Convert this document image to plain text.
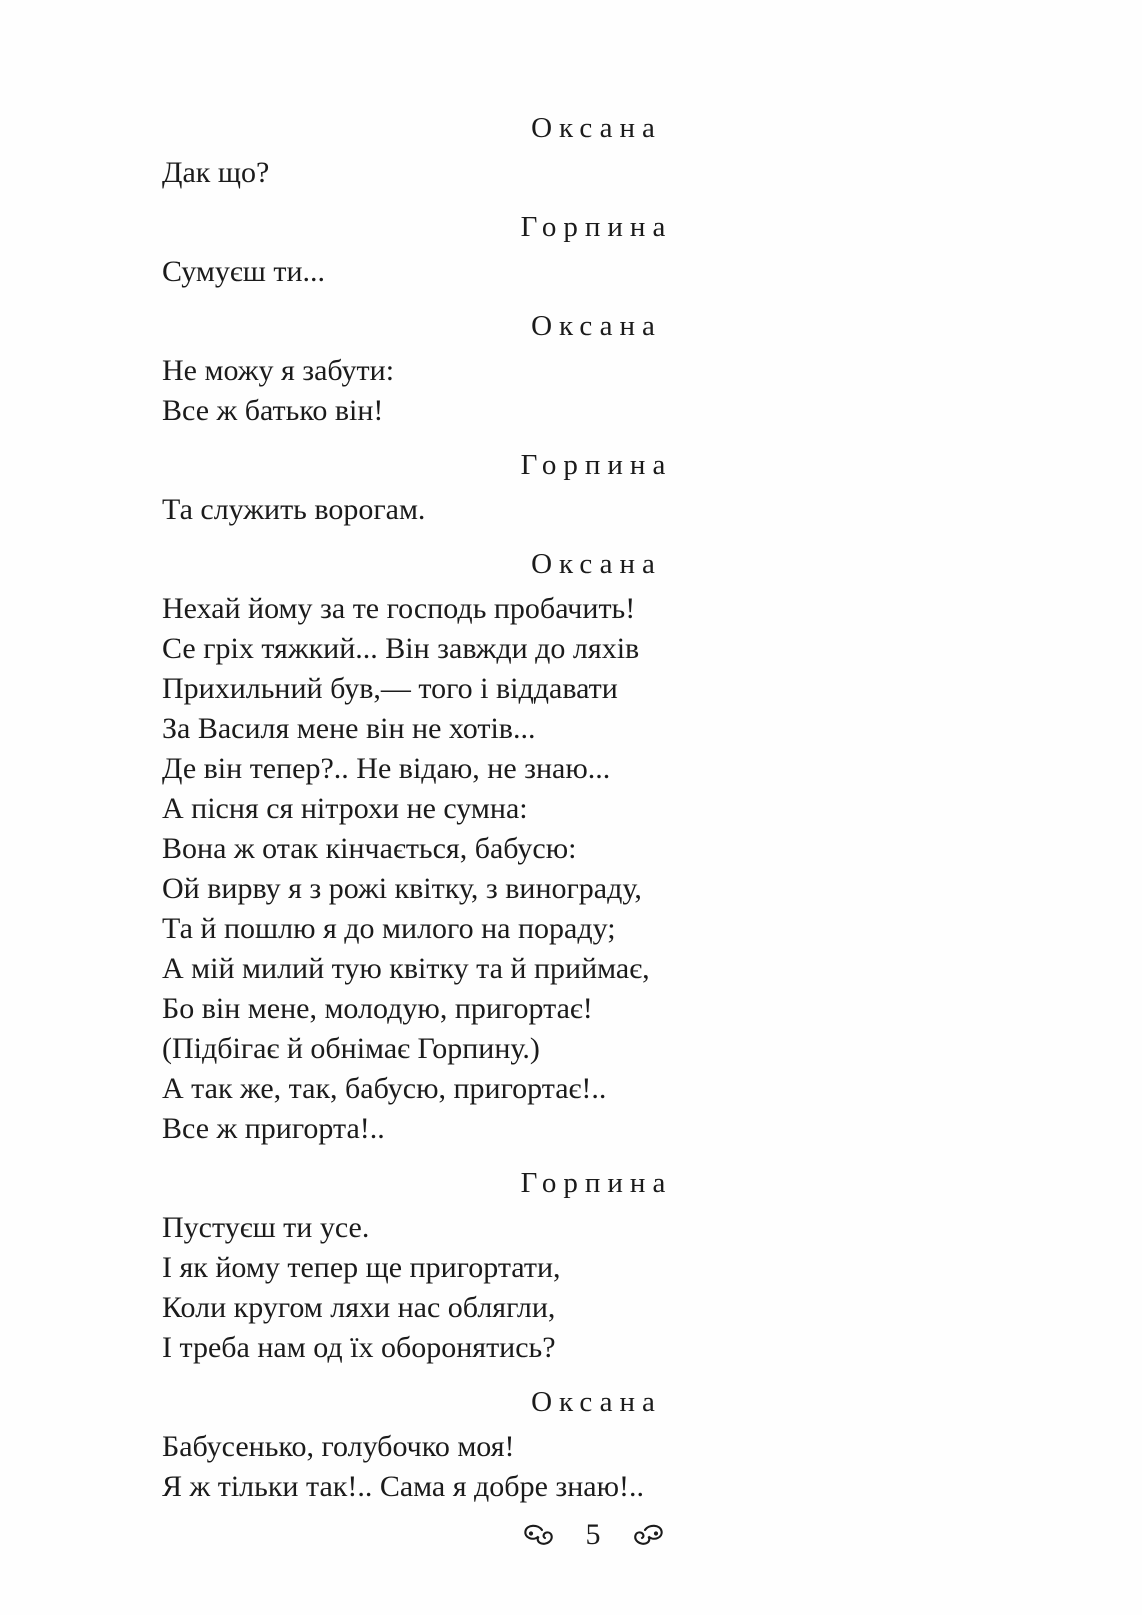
Оксана
Дак що?
Горпина
Сумуєш ти...
Оксана
Не можу я забути:
Все ж батько він!
Горпина
Та служить ворогам.
Оксана
Нехай йому за те господь пробачить!
Се гріх тяжкий... Він завжди до ляхів
Прихильний був,— того і віддавати
За Василя мене він не хотів...
Де він тепер?.. Не відаю, не знаю...
А пісня ся нітрохи не сумна:
Вона ж отак кінчається, бабусю:
Ой вирву я з рожі квітку, з винограду,
Та й пошлю я до милого на пораду;
А мій милий тую квітку та й приймає,
Бо він мене, молодую, пригортає!
(Підбігає й обнімає Горпину.)
А так же, так, бабусю, пригортає!..
Все ж пригорта!..
Горпина
Пустуєш ти усе.
І як йому тепер ще пригортати,
Коли кругом ляхи нас облягли,
І треба нам од їх оборонятись?
Оксана
Бабусенько, голубочко моя!
Я ж тільки так!.. Сама я добре знаю!..
5
